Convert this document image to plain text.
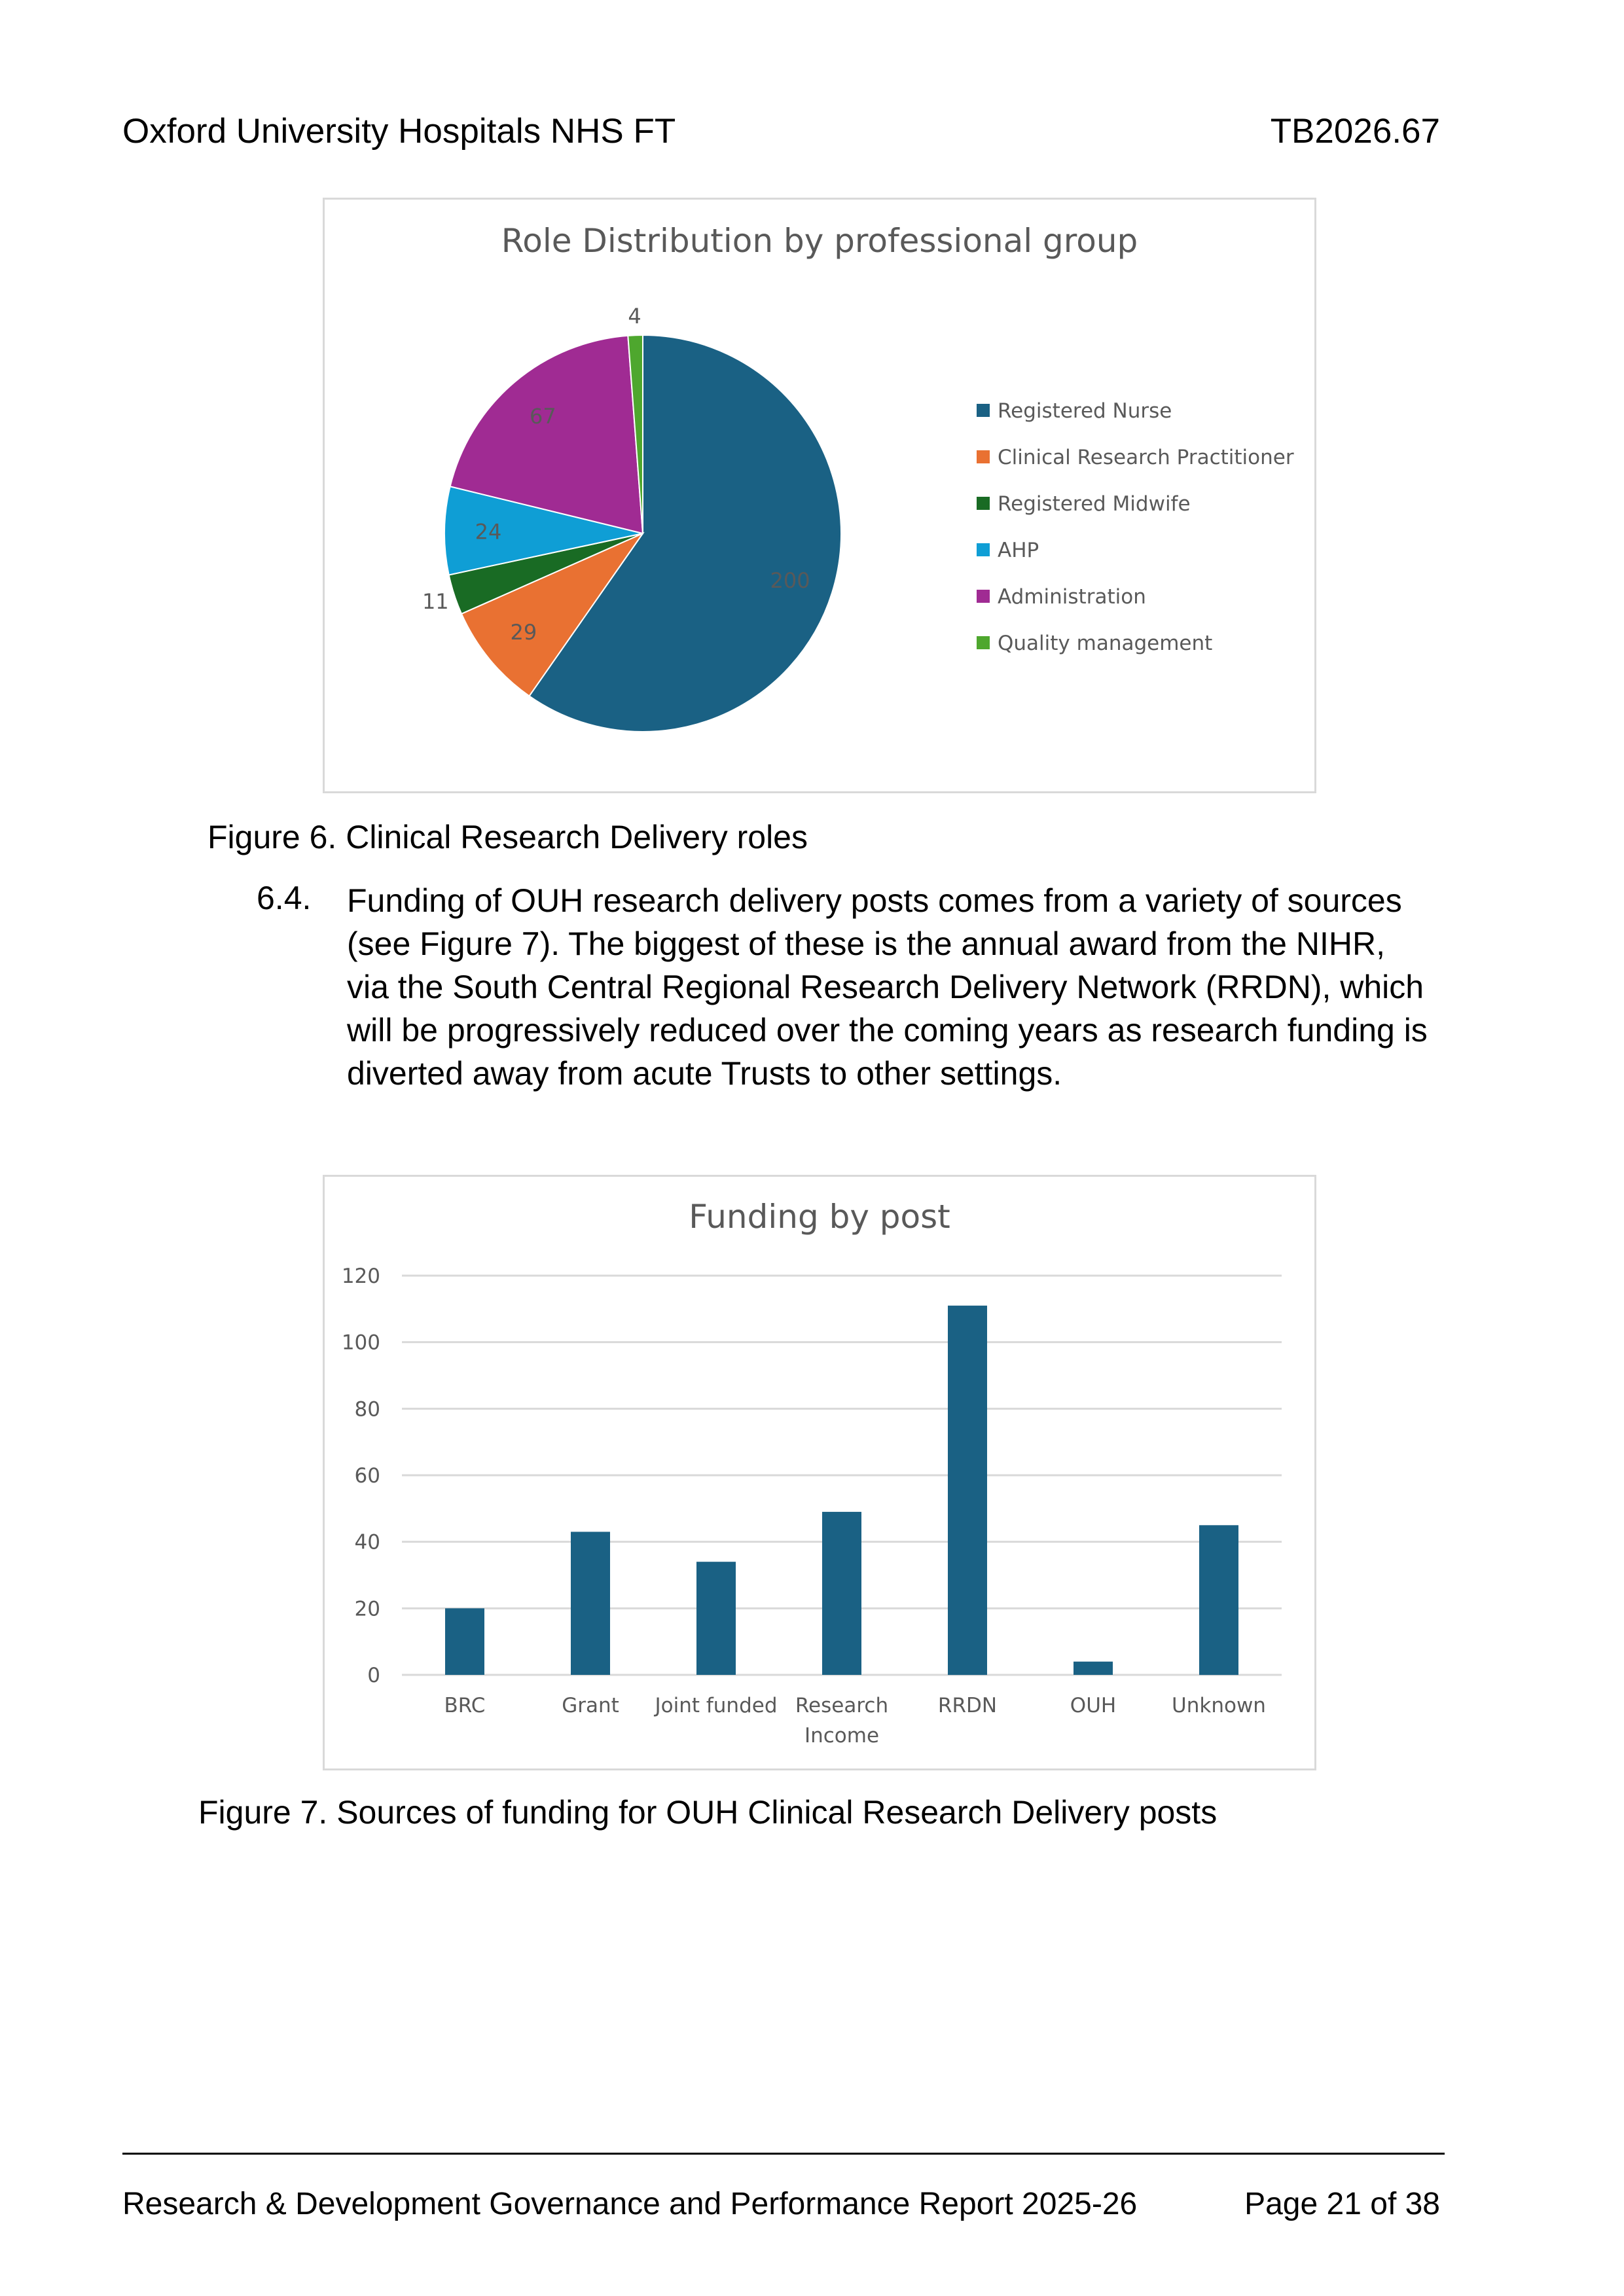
Oxford University Hospitals NHS FT	TB2026.67
Role Distribution by professional group
200
29
11
24
67
4
Registered Nurse
Clinical Research Practitioner
Registered Midwife
AHP
Administration
Quality management
Figure 6. Clinical Research Delivery roles
6.4. Funding of OUH research delivery posts comes from a variety of sources
(see Figure 7). The biggest of these is the annual award from the NIHR,
via the South Central Regional Research Delivery Network (RRDN), which
will be progressively reduced over the coming years as research funding is
diverted away from acute Trusts to other settings.
Funding by post
0
20
40
60
80
100
120
BRC	Grant Joint funded Research
Income
RRDN	OUH	Unknown
Figure 7. Sources of funding for OUH Clinical Research Delivery posts
Research & Development Governance and Performance Report 2025-26	Page 21 of 38
